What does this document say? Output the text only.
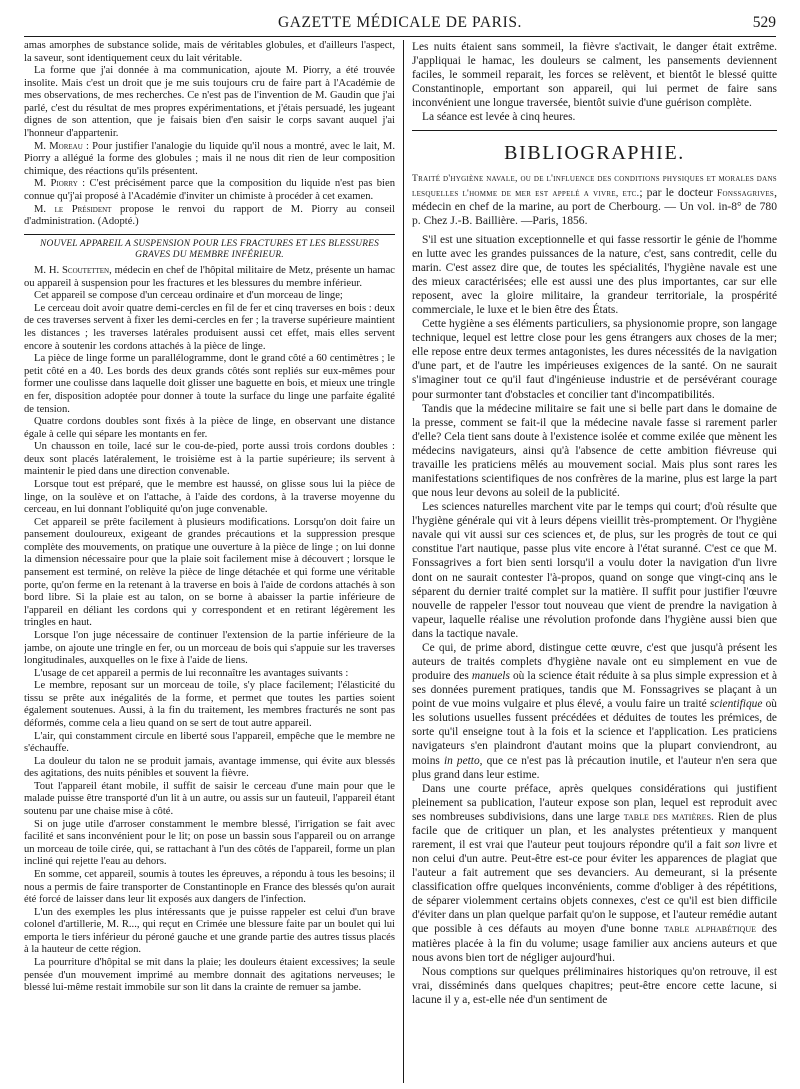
GAZETTE MÉDICALE DE PARIS.	529

amas amorphes de substance solide, mais de véritables globules, et d'ailleurs l'aspect, la saveur, sont identiquement ceux du lait véritable.

La forme que j'ai donnée à ma communication, ajoute M. Piorry, a été trouvée insolite. Mais c'est un droit que je me suis toujours cru de faire part à l'Académie de mes observations, de mes recherches. Ce n'est pas de l'invention de M. Gaudin que j'ai parlé, c'est du résultat de mes propres expérimentations, et j'étais persuadé, les jugeant dignes de son attention, que je faisais bien d'en saisir le corps savant auquel j'ai l'honneur d'appartenir.

M. Moreau : Pour justifier l'analogie du liquide qu'il nous a montré, avec le lait, M. Piorry a allégué la forme des globules ; mais il ne nous dit rien de leur composition chimique, des réactions qu'ils présentent.

M. Piorry : C'est précisément parce que la composition du liquide n'est pas bien connue qu'j'ai proposé à l'Académie d'inviter un chimiste à procéder à cet examen.

M. le Président propose le renvoi du rapport de M. Piorry au conseil d'administration. (Adopté.)

NOUVEL APPAREIL A SUSPENSION POUR LES FRACTURES ET LES BLESSURES GRAVES DU MEMBRE INFÉRIEUR.

M. H. Scoutetten, médecin en chef de l'hôpital militaire de Metz, présente un hamac ou appareil à suspension pour les fractures et les blessures du membre inférieur.

Cet appareil se compose d'un cerceau ordinaire et d'un morceau de linge;

Le cerceau doit avoir quatre demi-cercles en fil de fer et cinq traverses en bois : deux de ces traverses servent à fixer les demi-cercles en fer ; la traverse supérieure maintient les distances ; les traverses latérales produisent aussi cet effet, mais elles servent encore à soutenir les cordons attachés à la pièce de linge.

La pièce de linge forme un parallélogramme, dont le grand côté a 60 centimètres ; le petit côté en a 40. Les bords des deux grands côtés sont repliés sur eux-mêmes pour former une coulisse dans laquelle doit glisser une baguette en bois, et mieux une tringle en fer, disposition adoptée pour donner à toute la surface du linge une parfaite égalité de tension.

Quatre cordons doubles sont fixés à la pièce de linge, en observant une distance égale à celle qui sépare les montants en fer.

Un chausson en toile, lacé sur le cou-de-pied, porte aussi trois cordons doubles : deux sont placés latéralement, le troisième est à la partie supérieure; ils servent à maintenir le pied dans une direction convenable.

Lorsque tout est préparé, que le membre est haussé, on glisse sous lui la pièce de linge, on la soulève et on l'attache, à l'aide des cordons, à la traverse moyenne du cerceau, en lui donnant l'obliquité qu'on juge convenable.

Cet appareil se prête facilement à plusieurs modifications. Lorsqu'on doit faire un pansement douloureux, exigeant de grandes précautions et la suppression presque complète des mouvements, on pratique une ouverture à la pièce de linge ; on lui donne la dimension nécessaire pour que la plaie soit facilement mise à découvert ; lorsque le pansement est terminé, on relève la pièce de linge détachée et qui forme une véritable porte, qu'on ferme en la retenant à la traverse en bois à l'aide de cordons attachés à son bord libre. Si la plaie est au talon, on se borne à abaisser la partie inférieure de l'appareil en déliant les cordons qui y correspondent et en retirant légèrement les tringles en haut.

Lorsque l'on juge nécessaire de continuer l'extension de la partie inférieure de la jambe, on ajoute une tringle en fer, ou un morceau de bois qui s'appuie sur les traverses longitudinales, auxquelles on le fixe à l'aide de liens.

L'usage de cet appareil a permis de lui reconnaître les avantages suivants :

Le membre, reposant sur un morceau de toile, s'y place facilement; l'élasticité du tissu se prête aux inégalités de la forme, et permet que toutes les parties soient également soutenues. Aussi, à la fin du traitement, les membres fracturés ne sont pas déformés, comme cela a lieu quand on se sert de tout autre appareil.

L'air, qui constamment circule en liberté sous l'appareil, empêche que le membre ne s'échauffe.

La douleur du talon ne se produit jamais, avantage immense, qui évite aux blessés des agitations, des nuits pénibles et souvent la fièvre.

Tout l'appareil étant mobile, il suffit de saisir le cerceau d'une main pour que le malade puisse être transporté d'un lit à un autre, ou assis sur un fauteuil, l'appareil étant soutenu par une chaise mise à côté.

Si on juge utile d'arroser constamment le membre blessé, l'irrigation se fait avec facilité et sans inconvénient pour le lit; on pose un bassin sous l'appareil ou on arrange un morceau de toile cirée, qui, se rattachant à l'un des côtés de l'appareil, forme un plan incliné qui rejette l'eau au dehors.

En somme, cet appareil, soumis à toutes les épreuves, a répondu à tous les besoins; il nous a permis de faire transporter de Constantinople en France des blessés qu'on aurait été forcé de laisser dans leur lit exposés aux dangers de l'infection.

L'un des exemples les plus intéressants que je puisse rappeler est celui d'un brave colonel d'artillerie, M. R..., qui reçut en Crimée une blessure faite par un boulet qui lui emporta le tiers inférieur du péroné gauche et une grande partie des autres tissus placés à la hauteur de cette région.

La pourriture d'hôpital se mit dans la plaie; les douleurs étaient excessives; la seule pensée d'un mouvement imprimé au membre donnait des agitations nerveuses; le blessé lui-même restait immobile sur son lit dans la crainte de remuer sa jambe.

Les nuits étaient sans sommeil, la fièvre s'activait, le danger était extrême. J'appliquai le hamac, les douleurs se calment, les pansements deviennent faciles, le sommeil reparait, les forces se relèvent, et bientôt le blessé quitte Constantinople, emportant son appareil, qui lui permet de faire sans inconvénient une longue traversée, bientôt suivie d'une guérison complète.

La séance est levée à cinq heures.

BIBLIOGRAPHIE.
Traité d'hygiène navale, ou de l'influence des conditions physiques et morales dans lesquelles l'homme de mer est appelé a vivre, etc.; par le docteur Fonssagrives, médecin en chef de la marine, au port de Cherbourg. — Un vol. in-8° de 780 p. Chez J.-B. Baillière. —Paris, 1856.

S'il est une situation exceptionnelle et qui fasse ressortir le génie de l'homme en lutte avec les grandes puissances de la nature, c'est, sans contredit, celle du marin. C'est assez dire que, de toutes les spécialités, l'hygiène navale est une des mieux caractérisées; elle est aussi une des plus importantes, car sur elle reposent, avec la gloire militaire, la grandeur territoriale, la prospérité commerciale, le luxe et le bien être des États.

Cette hygiène a ses éléments particuliers, sa physionomie propre, son langage technique, lequel est lettre close pour les gens étrangers aux choses de la mer; elle repose entre deux termes antagonistes, les dures nécessités de la navigation d'une part, et de l'autre les impérieuses exigences de la santé. On ne saurait s'imaginer tout ce qu'il faut d'ingénieuse industrie et de persévérant courage pour surmonter tant d'obstacles et concilier tant d'incompatibilités.

Tandis que la médecine militaire se fait une si belle part dans le domaine de la presse, comment se fait-il que la médecine navale fasse si rarement parler d'elle? Cela tient sans doute à l'existence isolée et comme exilée que mènent les médecins navigateurs, ainsi qu'à l'absence de cette ambition fiévreuse qui travaille les praticiens mêlés au mouvement social. Mais plus sont rares les manifestations scientifiques de nos confrères de la marine, plus est large la part que nous leur devons au soleil de la publicité.

Les sciences naturelles marchent vite par le temps qui court; d'où résulte que l'hygiène générale qui vit à leurs dépens vieillit très-promptement. Or l'hygiène navale qui vit aussi sur ces sciences et, de plus, sur les progrès de tout ce qui constitue l'art nautique, passe plus vite encore à l'état suranné. C'est ce que M. Fonssagrives a fort bien senti lorsqu'il a voulu doter la navigation d'un livre dont on ne saurait contester l'à-propos, quand on songe que vingt-cinq ans le séparent du dernier traité complet sur la matière. Il suffit pour justifier l'œuvre nouvelle de rappeler l'essor tout nouveau que vient de prendre la navigation à vapeur, laquelle réalise une révolution profonde dans l'hygiène aussi bien que dans la tactique navale.

Ce qui, de prime abord, distingue cette œuvre, c'est que jusqu'à présent les auteurs de traités complets d'hygiène navale ont eu simplement en vue de produire des manuels où la science était réduite à sa plus simple expression et à ses données purement pratiques, tandis que M. Fonssagrives se plaçant à un point de vue moins vulgaire et plus élevé, a voulu faire un traité scientifique où les solutions usuelles fussent précédées et déduites de toutes les prémices, de sorte qu'il enseigne tout à la fois et la science et l'application. Les praticiens navigateurs s'en plaindront d'autant moins que la plupart conviendront, au moins in petto, que ce n'est pas là précaution inutile, et l'auteur n'en sera que plus grand dans leur estime.

Dans une courte préface, après quelques considérations qui justifient pleinement sa publication, l'auteur expose son plan, lequel est reproduit avec ses nombreuses subdivisions, dans une large table des matières. Rien de plus facile que de critiquer un plan, et les analystes prétentieux y manquent rarement, il est vrai que l'auteur peut toujours répondre qu'il a fait son livre et non celui d'un autre. Peut-être est-ce pour éviter les apparences de plagiat que l'auteur a fait autrement que ses devanciers. Au demeurant, si la présente classification offre quelques inconvénients, comme d'obliger à des répétitions, de séparer violemment certains objets connexes, c'est ce qu'il est bien difficile d'éviter dans un plan quelque parfait qu'on le suppose, et l'auteur remédie autant que possible à ces défauts au moyen d'une bonne table alphabétique des matières placée à la fin du volume; usage familier aux anciens auteurs et que nous avons bien tort de négliger aujourd'hui.

Nous comptions sur quelques préliminaires historiques qu'on retrouve, il est vrai, disséminés dans quelques chapitres; peut-être encore cette lacune, si lacune il y a, est-elle née d'un sentiment de
